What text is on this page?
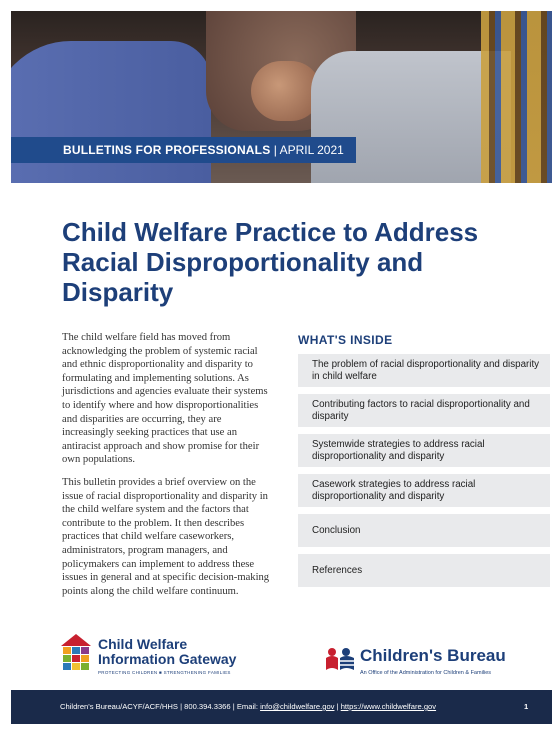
BULLETINS FOR PROFESSIONALS | APRIL 2021
Child Welfare Practice to Address Racial Disproportionality and Disparity

The child welfare field has moved from acknowledging the problem of systemic racial and ethnic disproportionality and disparity to formulating and implementing solutions. As jurisdictions and agencies evaluate their systems to identify where and how disproportionalities and disparities are occurring, they are increasingly seeking practices that use an antiracist approach and show promise for their own populations.

This bulletin provides a brief overview on the issue of racial disproportionality and disparity in the child welfare system and the factors that contribute to the problem. It then describes practices that child welfare caseworkers, administrators, program managers, and policymakers can implement to address these issues in general and at specific decision-making points along the child welfare continuum.

WHAT'S INSIDE
The problem of racial disproportionality and disparity in child welfare
Contributing factors to racial disproportionality and disparity
Systemwide strategies to address racial disproportionality and disparity
Casework strategies to address racial disproportionality and disparity
Conclusion
References
Child Welfare
Information Gateway
PROTECTING CHILDREN ■ STRENGTHENING FAMILIES
Children's Bureau
An Office of the Administration for Children & Families
Children's Bureau/ACYF/ACF/HHS | 800.394.3366 | Email: info@childwelfare.gov | https://www.childwelfare.gov	1
